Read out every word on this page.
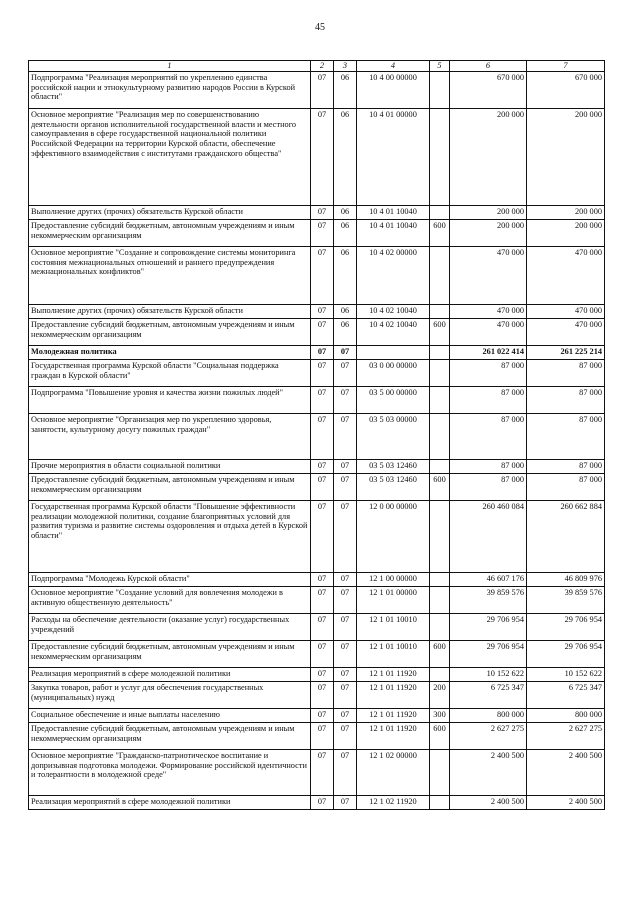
45
1	2	3	4	5	6	7
Подпрограмма "Реализация мероприятий по укреплению единства российской нации и этнокультурному развитию народов России в Курской области"	07	06	10 4 00 00000		670 000	670 000
Основное мероприятие "Реализация мер по совершенствованию деятельности органов исполнительной государственной власти и местного самоуправления в сфере государственной национальной политики Российской Федерации на территории Курской области, обеспечение эффективного взаимодействия с институтами гражданского общества"	07	06	10 4 01 00000		200 000	200 000
Выполнение других (прочих) обязательств Курской области	07	06	10 4 01 10040		200 000	200 000
Предоставление субсидий бюджетным, автономным учреждениям и иным некоммерческим организациям	07	06	10 4 01 10040	600	200 000	200 000
Основное мероприятие "Создание и сопровождение системы мониторинга состояния межнациональных отношений и раннего предупреждения межнациональных конфликтов"	07	06	10 4 02 00000		470 000	470 000
Выполнение других (прочих) обязательств Курской области	07	06	10 4 02 10040		470 000	470 000
Предоставление субсидий бюджетным, автономным учреждениям и иным некоммерческим организациям	07	06	10 4 02 10040	600	470 000	470 000
Молодежная политика	07	07			261 022 414	261 225 214
Государственная программа Курской области "Социальная поддержка граждан в Курской области"	07	07	03 0 00 00000		87 000	87 000
Подпрограмма "Повышение уровня и качества жизни пожилых людей"	07	07	03 5 00 00000		87 000	87 000
Основное мероприятие "Организация мер по укреплению здоровья, занятости, культурному досугу пожилых граждан"	07	07	03 5 03 00000		87 000	87 000
Прочие мероприятия в области социальной политики	07	07	03 5 03 12460		87 000	87 000
Предоставление субсидий бюджетным, автономным учреждениям и иным некоммерческим организациям	07	07	03 5 03 12460	600	87 000	87 000
Государственная программа Курской области "Повышение эффективности реализации молодежной политики, создание благоприятных условий для развития туризма и развитие системы оздоровления и отдыха детей в Курской области"	07	07	12 0 00 00000		260 460 084	260 662 884
Подпрограмма "Молодежь Курской области"	07	07	12 1 00 00000		46 607 176	46 809 976
Основное мероприятие "Создание условий для вовлечения молодежи в активную общественную деятельность"	07	07	12 1 01 00000		39 859 576	39 859 576
Расходы на обеспечение деятельности (оказание услуг) государственных учреждений	07	07	12 1 01 10010		29 706 954	29 706 954
Предоставление субсидий бюджетным, автономным учреждениям и иным некоммерческим организациям	07	07	12 1 01 10010	600	29 706 954	29 706 954
Реализация мероприятий в сфере молодежной политики	07	07	12 1 01 11920		10 152 622	10 152 622
Закупка товаров, работ и услуг для обеспечения государственных (муниципальных) нужд	07	07	12 1 01 11920	200	6 725 347	6 725 347
Социальное обеспечение и иные выплаты населению	07	07	12 1 01 11920	300	800 000	800 000
Предоставление субсидий бюджетным, автономным учреждениям и иным некоммерческим организациям	07	07	12 1 01 11920	600	2 627 275	2 627 275
Основное мероприятие "Гражданско-патриотическое воспитание и допризывная подготовка молодежи. Формирование российской идентичности и толерантности в молодежной среде"	07	07	12 1 02 00000		2 400 500	2 400 500
Реализация мероприятий в сфере молодежной политики	07	07	12 1 02 11920		2 400 500	2 400 500
